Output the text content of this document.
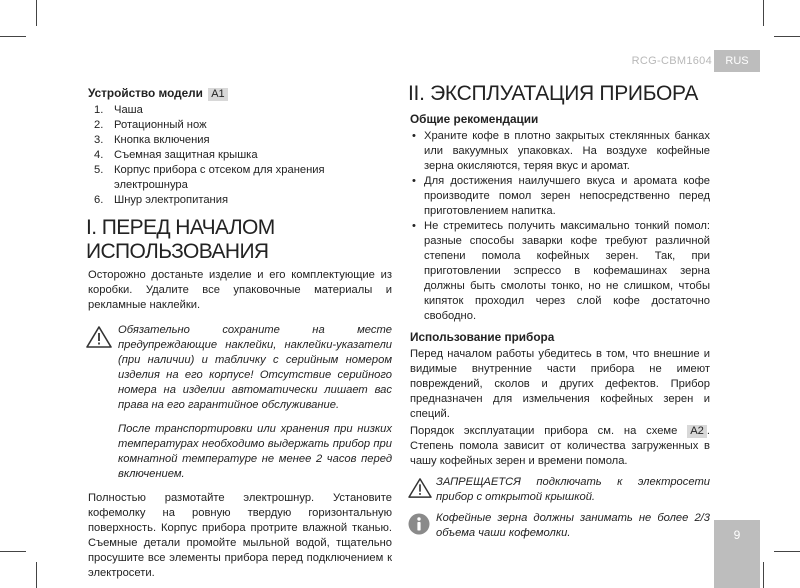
RCG-CBM1604	RUS
9
Устройство модели A1
1. Чаша
2. Ротационный нож
3. Кнопка включения
4. Съемная защитная крышка
5. Корпус прибора с отсеком для хранения электрошнура
6. Шнур электропитания
I. ПЕРЕД НАЧАЛОМ ИСПОЛЬЗОВАНИЯ

Осторожно достаньте изделие и его комплектующие из коробки. Удалите все упаковочные материалы и рекламные наклейки.

Обязательно сохраните на месте предупреждающие наклейки, наклейки-указатели (при наличии) и табличку с серийным номером изделия на его корпусе! Отсутствие серийного номера на изделии автоматически лишает вас права на его гарантийное обслуживание.

После транспортировки или хранения при низких температурах необходимо выдержать прибор при комнатной температуре не менее 2 часов перед включением.

Полностью размотайте электрошнур. Установите кофемолку на ровную твердую горизонтальную поверхность. Корпус прибора протрите влажной тканью. Съемные детали промойте мыльной водой, тщательно просушите все элементы прибора перед подключением к электросети.

II. ЭКСПЛУАТАЦИЯ ПРИБОРА
Общие рекомендации
• Храните кофе в плотно закрытых стеклянных банках или вакуумных упаковках. На воздухе кофейные зерна окисляются, теряя вкус и аромат.
• Для достижения наилучшего вкуса и аромата кофе производите помол зерен непосредственно перед приготовлением напитка.
• Не стремитесь получить максимально тонкий помол: разные способы заварки кофе требуют различной степени помола кофейных зерен. Так, при приготовлении эспрессо в кофемашинах зерна должны быть смолоты тонко, но не слишком, чтобы кипяток проходил через слой кофе достаточно свободно.
Использование прибора

Перед началом работы убедитесь в том, что внешние и видимые внутренние части прибора не имеют повреждений, сколов и других дефектов. Прибор предназначен для измельчения кофейных зерен и специй.

Порядок эксплуатации прибора см. на схеме A2 . Степень помола зависит от количества загруженных в чашу кофейных зерен и времени помола.

ЗАПРЕЩАЕТСЯ подключать к электросети прибор с открытой крышкой.

Кофейные зерна должны занимать не более 2/3 объема чаши кофемолки.
